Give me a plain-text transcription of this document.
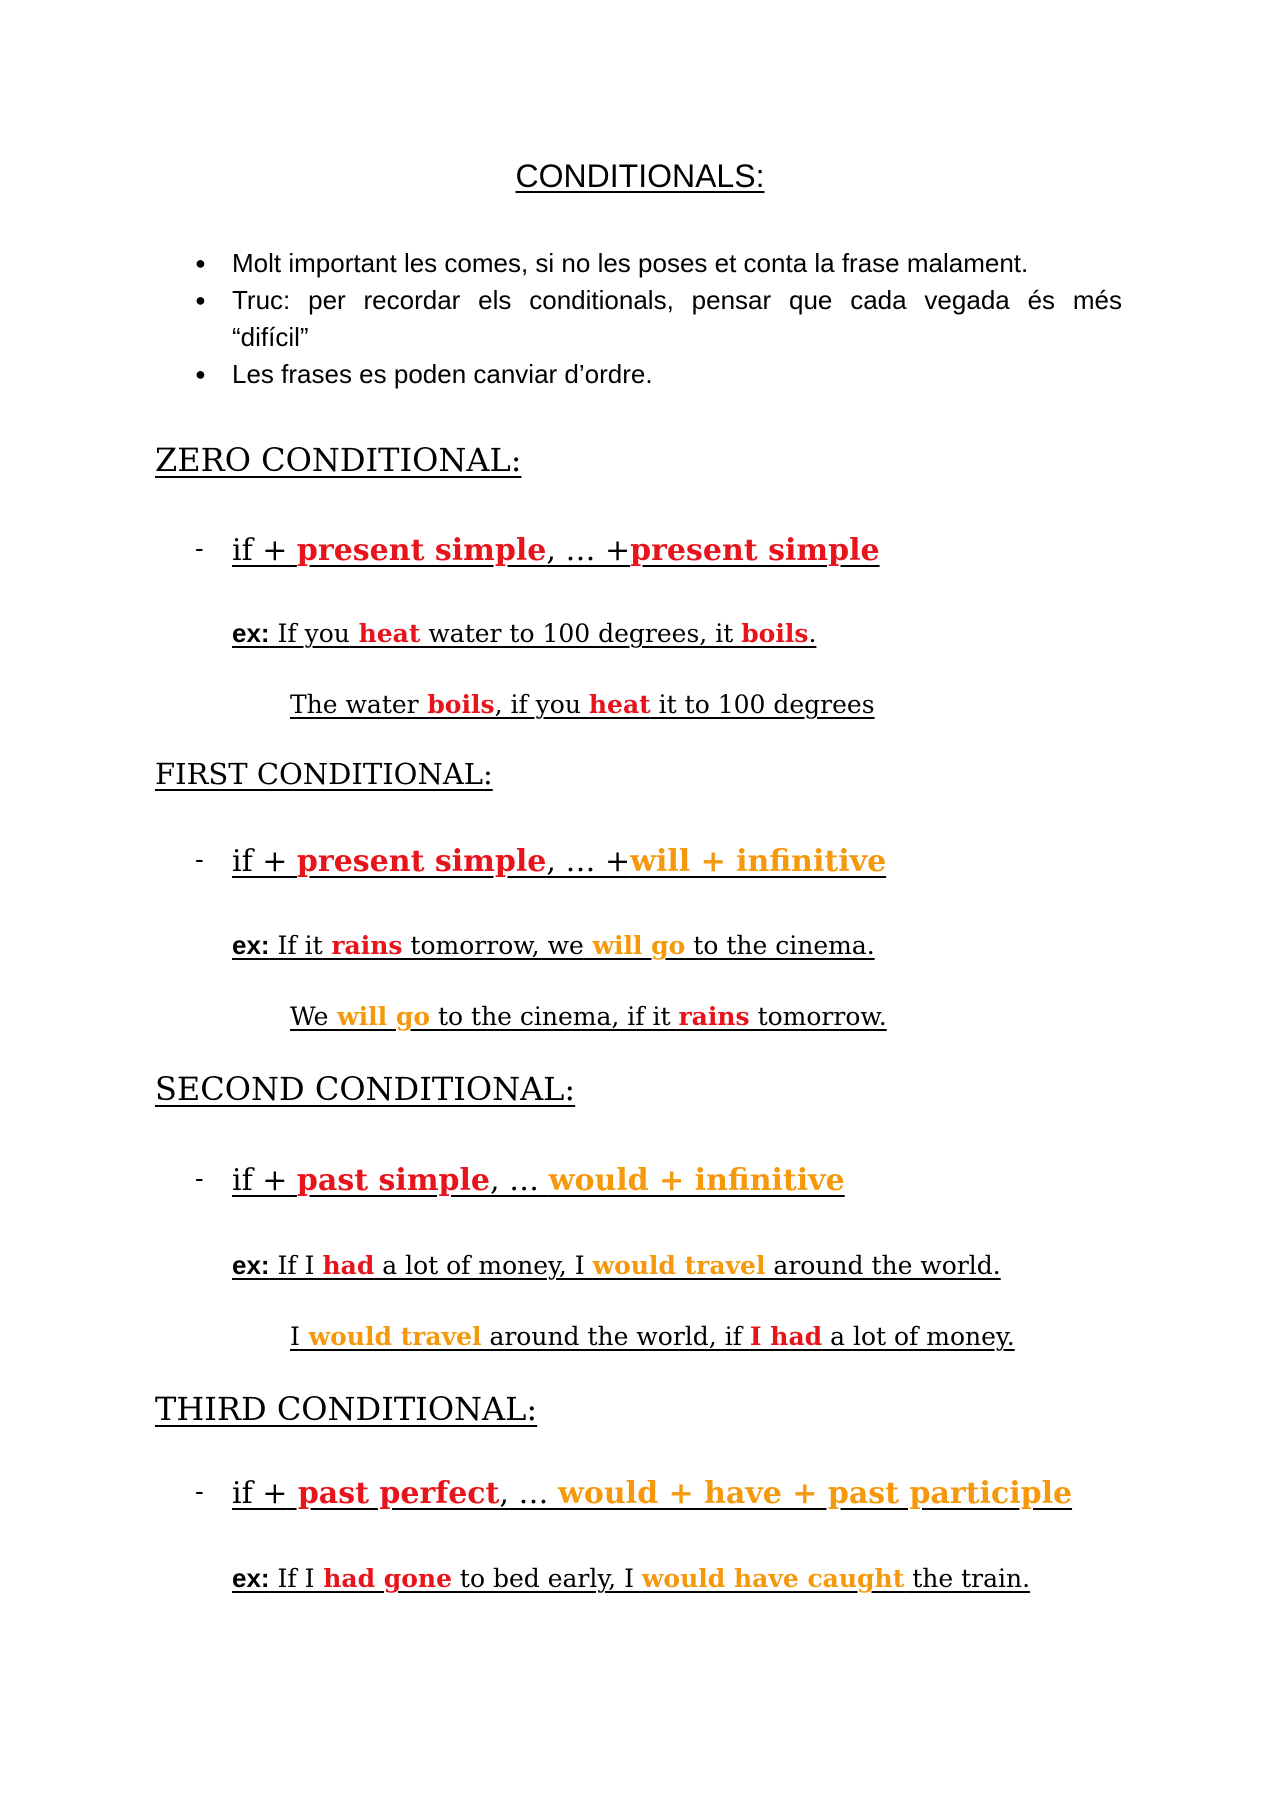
CONDITIONALS:
● Molt important les comes, si no les poses et conta la frase malament.
● Truc: per recordar els conditionals, pensar que cada vegada és més
“difícil”
● Les frases es poden canviar d’ordre.
ZERO CONDITIONAL:
- if + present simple, … +present simple
ex: If you heat water to 100 degrees, it boils.
The water boils, if you heat it to 100 degrees
FIRST CONDITIONAL:
- if + present simple, … +will + infinitive
ex: If it rains tomorrow, we will go to the cinema.
We will go to the cinema, if it rains tomorrow.
SECOND CONDITIONAL:
- if + past simple, … would + infinitive
ex: If I had a lot of money, I would travel around the world.
I would travel around the world, if I had a lot of money.
THIRD CONDITIONAL:
- if + past perfect, … would + have + past participle
ex: If I had gone to bed early, I would have caught the train.
